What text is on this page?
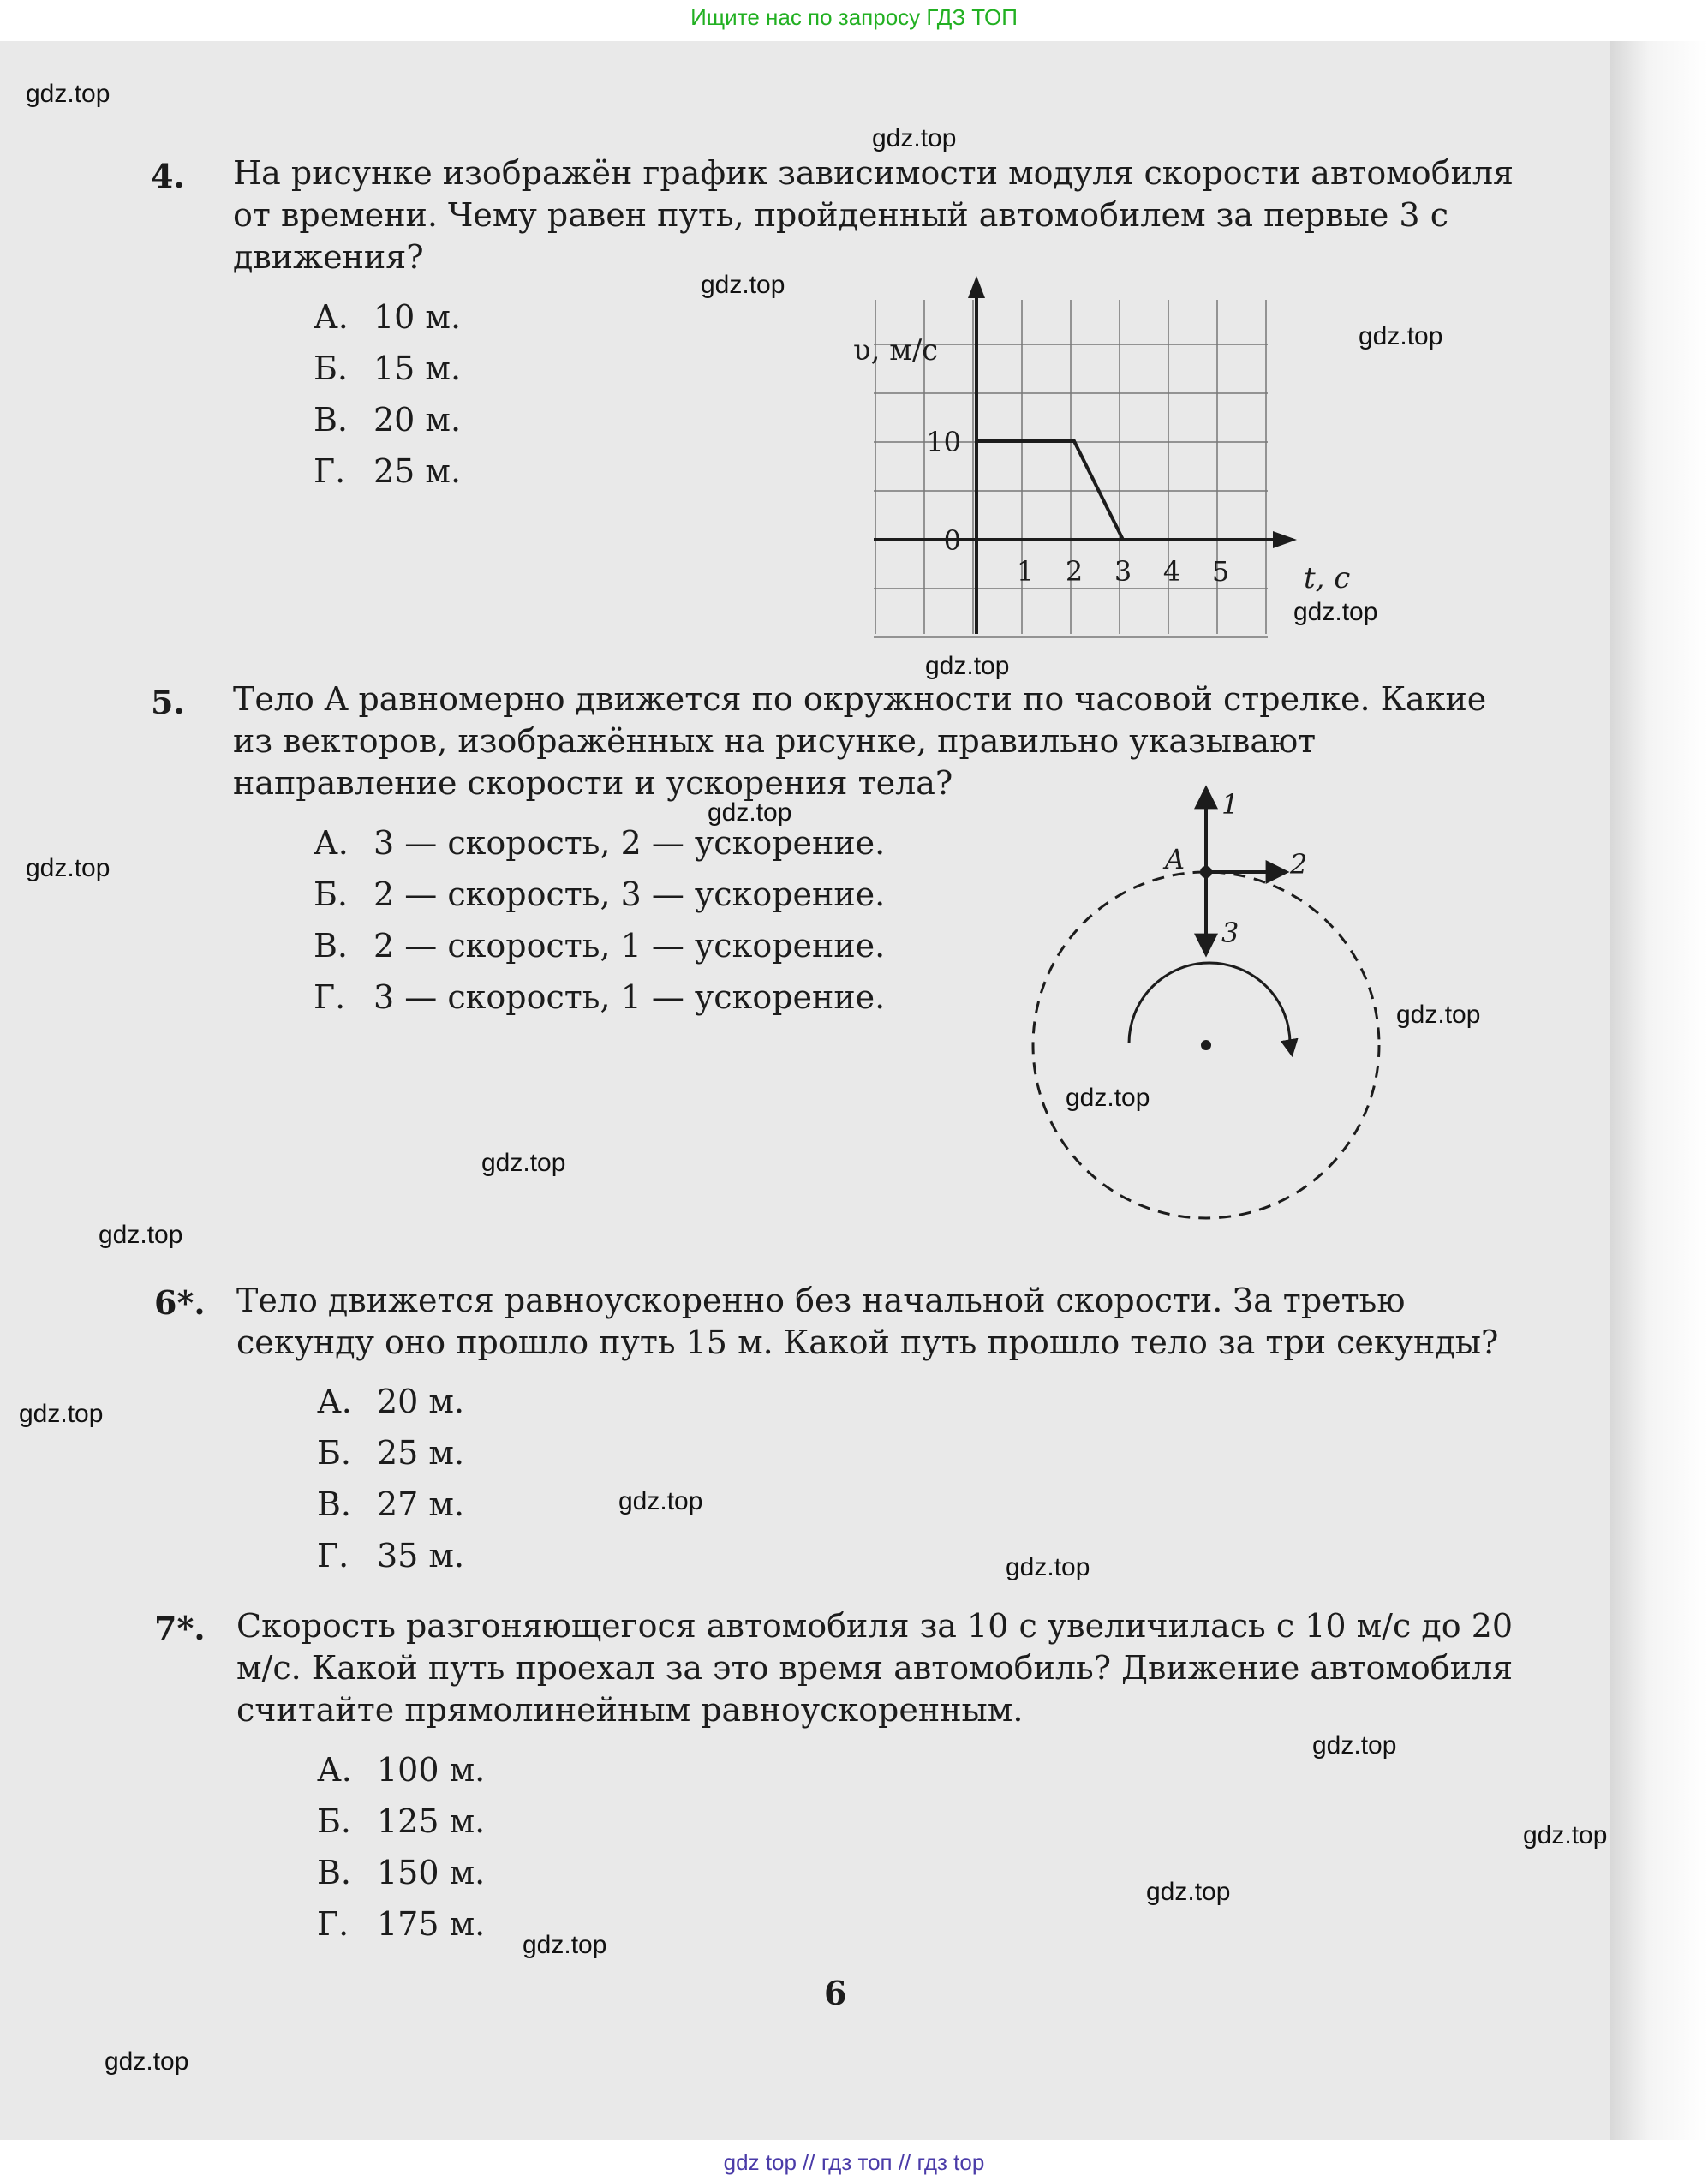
Ищите нас по запросу ГДЗ ТОП
gdz.top
gdz.top
gdz.top
gdz.top
gdz.top
gdz.top
gdz.top
gdz.top
gdz.top
gdz.top
gdz.top
gdz.top
gdz.top
gdz.top
gdz.top
gdz.top
gdz.top
gdz.top
gdz.top
gdz.top
4. На рисунке изображён график зависимости модуля скорости автомобиля от времени. Чему равен путь, пройденный автомобилем за первые 3 с движения?

А. 10 м.
Б. 15 м.
В. 20 м.
Г. 25 м.
υ, м/с
t, с
1 2 3 4 5
0
10
5. Тело A равномерно движется по окружности по часовой стрелке. Какие из векторов, изображённых на рисунке, правильно указывают направление скорости и ускорения тела?

А. 3 — скорость, 2 — ускорение.
Б. 2 — скорость, 3 — ускорение.
В. 2 — скорость, 1 — ускорение.
Г. 3 — скорость, 1 — ускорение.
A
1
2
3
6*. Тело движется равноускоренно без начальной скорости. За третью секунду оно прошло путь 15 м. Какой путь прошло тело за три секунды?

А. 20 м.
Б. 25 м.
В. 27 м.
Г. 35 м.
7*. Скорость разгоняющегося автомобиля за 10 с увеличилась с 10 м/с до 20 м/с. Какой путь проехал за это время автомобиль? Движение автомобиля считайте прямолинейным равноускоренным.

А. 100 м.
Б. 125 м.
В. 150 м.
Г. 175 м.
6
gdz top // гдз топ // гдз top
